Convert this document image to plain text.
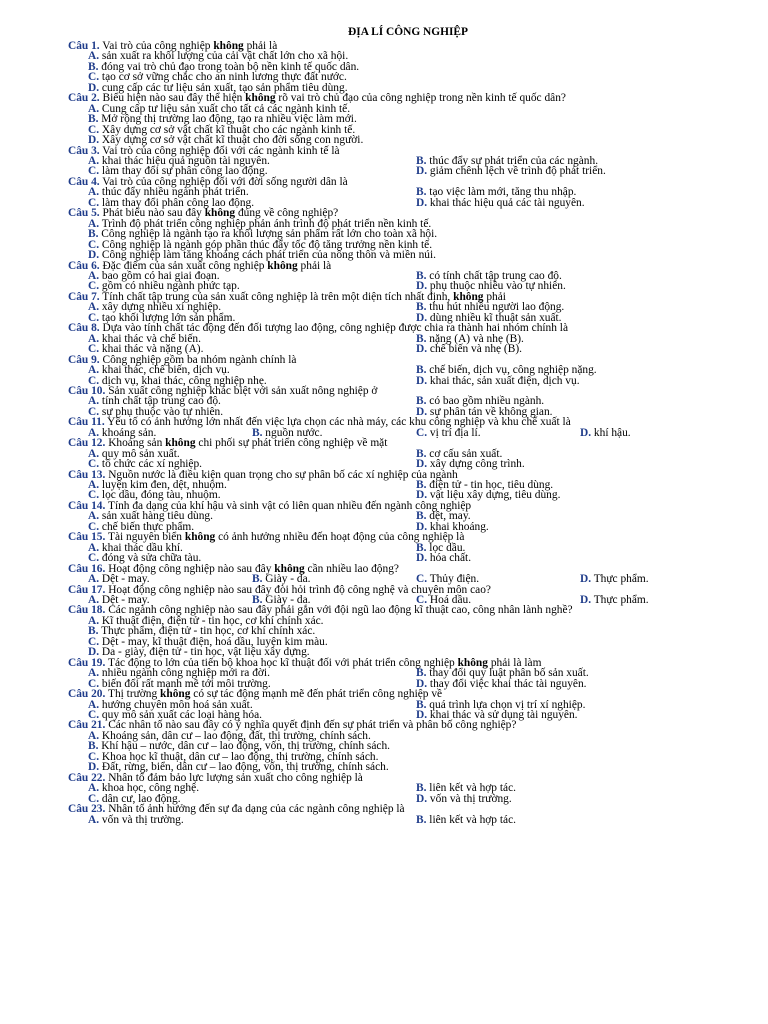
ĐỊA LÍ CÔNG NGHIỆP
Câu 1. Vai trò của công nghiệp không phải là
A. sản xuất ra khối lượng của cải vật chất lớn cho xã hội.
B. đóng vai trò chủ đạo trong toàn bộ nền kinh tế quốc dân.
C. tạo cơ sở vững chắc cho an ninh lương thực đất nước.
D. cung cấp các tư liệu sản xuất, tạo sản phẩm tiêu dùng.
Câu 2. Biểu hiện nào sau đây thể hiện không rõ vai trò chủ đạo của công nghiệp trong nền kinh tế quốc dân?
A. Cung cấp tư liệu sản xuất cho tất cả các ngành kinh tế.
B. Mở rộng thị trường lao động, tạo ra nhiều việc làm mới.
C. Xây dựng cơ sở vật chất kĩ thuật cho các ngành kinh tế.
D. Xây dựng cơ sở vật chất kĩ thuật cho đời sống con người.
Câu 3. Vai trò của công nghiệp đối với các ngành kinh tế là
A. khai thác hiệu quả nguồn tài nguyên.	B. thúc đẩy sự phát triển của các ngành.
C. làm thay đổi sự phân công lao động.	D. giảm chênh lệch về trình độ phát triển.
Câu 4. Vai trò của công nghiệp đối với đời sống người dân là
A. thúc đẩy nhiều ngành phát triển.	B. tạo việc làm mới, tăng thu nhập.
C. làm thay đổi phân công lao động.	D. khai thác hiệu quả các tài nguyên.
Câu 5. Phát biểu nào sau đây không đúng về công nghiệp?
A. Trình độ phát triển công nghiệp phản ánh trình độ phát triển nền kinh tế.
B. Công nghiệp là ngành tạo ra khối lượng sản phẩm rất lớn cho toàn xã hội.
C. Công nghiệp là ngành góp phần thúc đẩy tốc độ tăng trưởng nền kinh tế.
D. Công nghiệp làm tăng khoảng cách phát triển của nông thôn và miền núi.
Câu 6. Đặc điểm của sản xuất công nghiệp không phải là
A. bao gồm có hai giai đoạn.	B. có tính chất tập trung cao độ.
C. gồm có nhiều ngành phức tạp.	D. phụ thuộc nhiều vào tự nhiên.
Câu 7. Tính chất tập trung của sản xuất công nghiệp là trên một diện tích nhất định, không phải
A. xây dựng nhiều xí nghiệp.	B. thu hút nhiều người lao động.
C. tạo khối lượng lớn sản phẩm.	D. dùng nhiều kĩ thuật sản xuất.
Câu 8. Dựa vào tính chất tác động đến đối tượng lao động, công nghiệp được chia ra thành hai nhóm chính là
A. khai thác và chế biến.	B. nặng (A) và nhẹ (B).
C. khai thác và nặng (A).	D. chế biến và nhẹ (B).
Câu 9. Công nghiệp gồm ba nhóm ngành chính là
A. khai thác, chế biến, dịch vụ.	B. chế biến, dịch vụ, công nghiệp nặng.
C. dịch vụ, khai thác, công nghiệp nhẹ.	D. khai thác, sản xuất điện, dịch vụ.
Câu 10. Sản xuất công nghiệp khác biệt với sản xuất nông nghiệp ở
A. tính chất tập trung cao độ.	B. có bao gồm nhiều ngành.
C. sự phụ thuộc vào tự nhiên.	D. sự phân tán về không gian.
Câu 11. Yếu tố có ảnh hưởng lớn nhất đến việc lựa chọn các nhà máy, các khu công nghiệp và khu chế xuất là
A. khoáng sản.	B. nguồn nước.	C. vị trí địa lí.	D. khí hậu.
Câu 12. Khoáng sản không chi phối sự phát triển công nghiệp về mặt
A. quy mô sản xuất.	B. cơ cấu sản xuất.
C. tổ chức các xí nghiệp.	D. xây dựng công trình.
Câu 13. Nguồn nước là điều kiện quan trọng cho sự phân bố các xí nghiệp của ngành
A. luyện kim đen, dệt, nhuộm.	B. điện tử - tin học, tiêu dùng.
C. lọc dầu, đóng tàu, nhuộm.	D. vật liệu xây dựng, tiêu dùng.
Câu 14. Tính đa dạng của khí hậu và sinh vật có liên quan nhiều đến ngành công nghiệp
A. sản xuất hàng tiêu dùng.	B. dệt, may.
C. chế biến thực phẩm.	D. khai khoáng.
Câu 15. Tài nguyên biển không có ảnh hưởng nhiều đến hoạt động của công nghiệp là
A. khai thác dầu khí.	B. lọc dầu.
C. đóng và sửa chữa tàu.	D. hóa chất.
Câu 16. Hoạt động công nghiệp nào sau đây không cần nhiều lao động?
A. Dệt - may.	B. Giày - da.	C. Thủy điện.	D. Thực phẩm.
Câu 17. Hoạt động công nghiệp nào sau đây đòi hỏi trình độ công nghệ và chuyên môn cao?
A. Dệt - may.	B. Giày - da.	C. Hoá dầu.	D. Thực phẩm.
Câu 18. Các ngành công nghiệp nào sau đây phải gắn với đội ngũ lao động kĩ thuật cao, công nhân lành nghề?
A. Kĩ thuật điện, điện tử - tin học, cơ khí chính xác.
B. Thực phẩm, điện tử - tin học, cơ khí chính xác.
C. Dệt - may, kĩ thuật điện, hoá dầu, luyện kim màu.
D. Da - giày, điện tử - tin học, vật liệu xây dựng.
Câu 19. Tác động to lớn của tiến bộ khoa học kĩ thuật đối với phát triển công nghiệp không phải là làm
A. nhiều ngành công nghiệp mới ra đời.	B. thay đổi quy luật phân bố sản xuất.
C. biến đổi rất mạnh mẽ tới môi trường.	D. thay đổi việc khai thác tài nguyên.
Câu 20. Thị trường không có sự tác động mạnh mẽ đến phát triển công nghiệp về
A. hướng chuyên môn hoá sản xuất.	B. quá trình lựa chọn vị trí xí nghiệp.
C. quy mô sản xuất các loại hàng hóa.	D. khai thác và sử dụng tài nguyên.
Câu 21. Các nhân tố nào sau đây có ý nghĩa quyết định đến sự phát triển và phân bố công nghiệp?
A. Khoáng sản, dân cư – lao động, đất, thị trường, chính sách.
B. Khí hậu – nước, dân cư – lao động, vốn, thị trường, chính sách.
C. Khoa học kĩ thuật, dân cư – lao động, thị trường, chính sách.
D. Đất, rừng, biển, dân cư – lao động, vốn, thị trường, chính sách.
Câu 22. Nhân tố đảm bảo lực lượng sản xuất cho công nghiệp là
A. khoa học, công nghệ.	B. liên kết và hợp tác.
C. dân cư, lao động.	D. vốn và thị trường.
Câu 23. Nhân tố ảnh hưởng đến sự đa dạng của các ngành công nghiệp là
A. vốn và thị trường.	B. liên kết và hợp tác.
